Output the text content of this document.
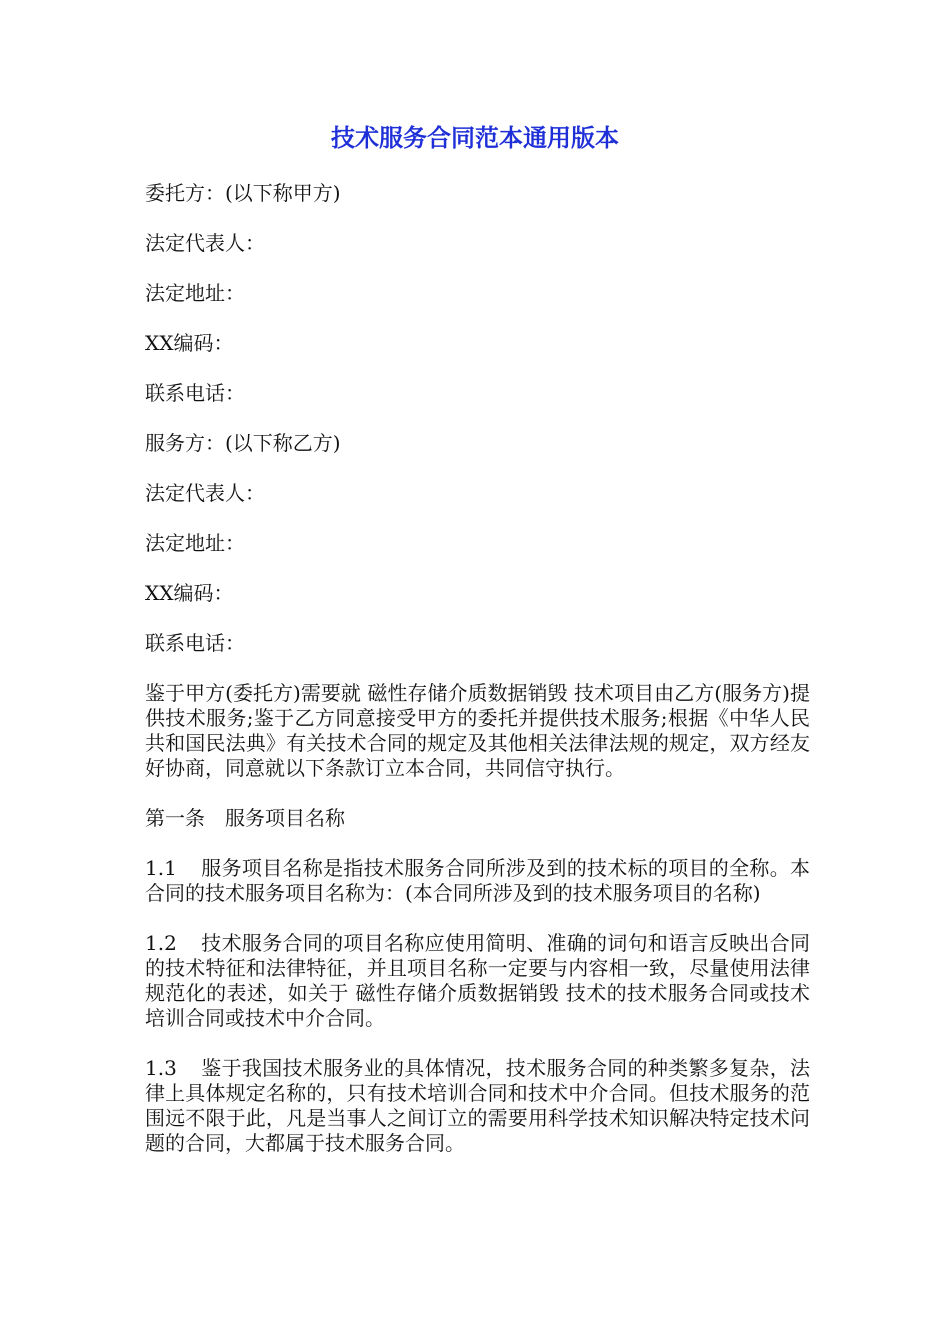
技术服务合同范本通用版本

委托方：(以下称甲方)

法定代表人：

法定地址：

XX编码：

联系电话：

服务方：(以下称乙方)

法定代表人：

法定地址：

XX编码：

联系电话：

鉴于甲方(委托方)需要就 磁性存储介质数据销毁 技术项目由乙方(服务方)提供技术服务;鉴于乙方同意接受甲方的委托并提供技术服务;根据《中华人民共和国民法典》有关技术合同的规定及其他相关法律法规的规定，双方经友好协商，同意就以下条款订立本合同，共同信守执行。

第一条　服务项目名称

1.1 服务项目名称是指技术服务合同所涉及到的技术标的项目的全称。本合同的技术服务项目名称为：(本合同所涉及到的技术服务项目的名称)

1.2 技术服务合同的项目名称应使用简明、准确的词句和语言反映出合同的技术特征和法律特征，并且项目名称一定要与内容相一致，尽量使用法律规范化的表述，如关于 磁性存储介质数据销毁 技术的技术服务合同或技术培训合同或技术中介合同。

1.3 鉴于我国技术服务业的具体情况，技术服务合同的种类繁多复杂，法律上具体规定名称的，只有技术培训合同和技术中介合同。但技术服务的范围远不限于此，凡是当事人之间订立的需要用科学技术知识解决特定技术问题的合同，大都属于技术服务合同。
